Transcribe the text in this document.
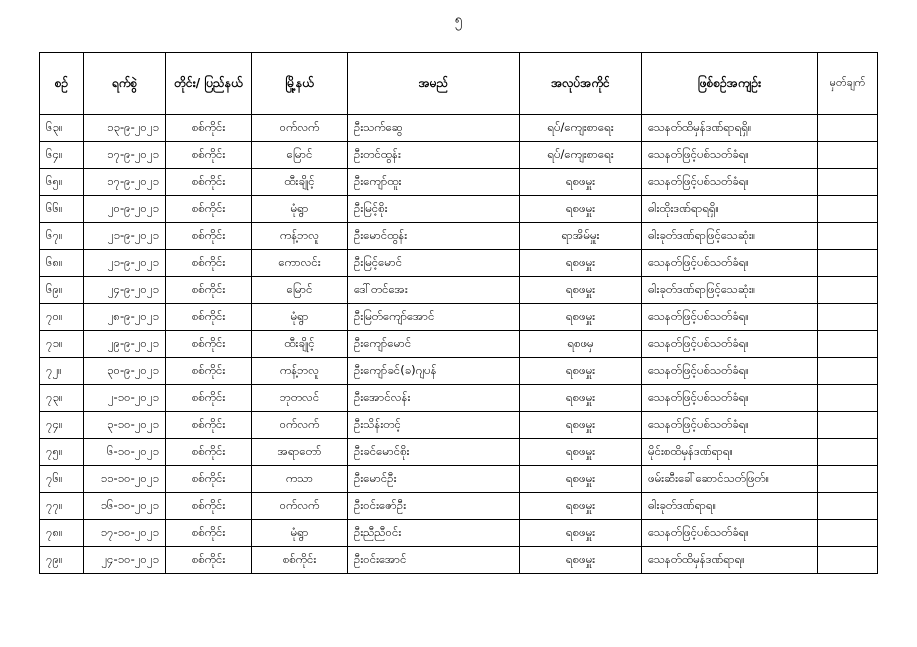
၅
စဉ်	ရက်စွဲ	တိုင်း/ ပြည်နယ်	မြို့နယ်	အမည်	အလုပ်အကိုင်	ဖြစ်စဉ်အကျဉ်း	မှတ်ချက်
၆၃။	၁၃-၉-၂၀၂၁	စစ်ကိုင်း	ဝက်လက်	ဦးသက်ဆွေ	ရပ်/ကျေးစာရေး	သေနတ်ထိမှန်ဒဏ်ရာရရှိ။	
၆၄။	၁၇-၉-၂၀၂၁	စစ်ကိုင်း	မြောင်	ဦးတင်ထွန်း	ရပ်/ကျေးစာရေး	သေနတ်ဖြင့်ပစ်သတ်ခံရ။	
၆၅။	၁၇-၉-၂၀၂၁	စစ်ကိုင်း	ထီးချိုင့်	ဦးကျော်ထူး	ရစဖမှူး	သေနတ်ဖြင့်ပစ်သတ်ခံရ။	
၆၆။	၂၀-၉-၂၀၂၁	စစ်ကိုင်း	မုံရွာ	ဦးမြင့်စိုး	ရစဖမှူး	ဓါးထိုးဒဏ်ရာရရှိ။	
၆၇။	၂၁-၉-၂၀၂၁	စစ်ကိုင်း	ကန့်ဘလူ	ဦးမောင်ထွန်း	ရာအိမ်မှူး	ဓါးခုတ်ဒဏ်ရာဖြင့်သေဆုံး။	
၆၈။	၂၁-၉-၂၀၂၁	စစ်ကိုင်း	ကောလင်း	ဦးမြင့်မောင်	ရစဖမှူး	သေနတ်ဖြင့်ပစ်သတ်ခံရ။	
၆၉။	၂၄-၉-၂၀၂၁	စစ်ကိုင်း	မြောင်	ဒေါ်တင်အေး	ရစဖမှူး	ဓါးခုတ်ဒဏ်ရာဖြင့်သေဆုံး။	
၇၀။	၂၈-၉-၂၀၂၁	စစ်ကိုင်း	မုံရွာ	ဦးမြတ်ကျော်အောင်	ရစဖမှူး	သေနတ်ဖြင့်ပစ်သတ်ခံရ။	
၇၁။	၂၉-၉-၂၀၂၁	စစ်ကိုင်း	ထီးချိုင့်	ဦးကျော်မောင်	ရစဖမှ	သေနတ်ဖြင့်ပစ်သတ်ခံရ။	
၇၂။	၃၀-၉-၂၀၂၁	စစ်ကိုင်း	ကန့်ဘလူ	ဦးကျော်ခင်(ခ)ဂျပန်	ရစဖမှူး	သေနတ်ဖြင့်ပစ်သတ်ခံရ။	
၇၃။	၂-၁၀-၂၀၂၁	စစ်ကိုင်း	ဘုတလင်	ဦးအောင်လန်း	ရစဖမှူး	သေနတ်ဖြင့်ပစ်သတ်ခံရ။	
၇၄။	၃-၁၀-၂၀၂၁	စစ်ကိုင်း	ဝက်လက်	ဦးသိန်းတင့်	ရစဖမှူး	သေနတ်ဖြင့်ပစ်သတ်ခံရ။	
၇၅။	၆-၁၀-၂၀၂၁	စစ်ကိုင်း	အရာတော်	ဦးခင်မောင်စိုး	ရစဖမှူး	မိုင်းစထိမှန်ဒဏ်ရာရ။	
၇၆။	၁၁-၁၀-၂၀၂၁	စစ်ကိုင်း	ကသာ	ဦးမောင်ဦး	ရစဖမှူး	ဖမ်းဆီးခေါ်ဆောင်သတ်ဖြတ်။	
၇၇။	၁၆-၁၀-၂၀၂၁	စစ်ကိုင်း	ဝက်လက်	ဦးဝင်းဇော်ဦး	ရစဖမှူး	ဓါးခုတ်ဒဏ်ရာရ။	
၇၈။	၁၇-၁၀-၂၀၂၁	စစ်ကိုင်း	မုံရွာ	ဦးညီညီဝင်း	ရစဖမှူး	သေနတ်ဖြင့်ပစ်သတ်ခံရ။	
၇၉။	၂၄-၁၀-၂၀၂၁	စစ်ကိုင်း	စစ်ကိုင်း	ဦးဝင်းအောင်	ရစဖမှူး	သေနတ်ထိမှန်ဒဏ်ရာရ။	
